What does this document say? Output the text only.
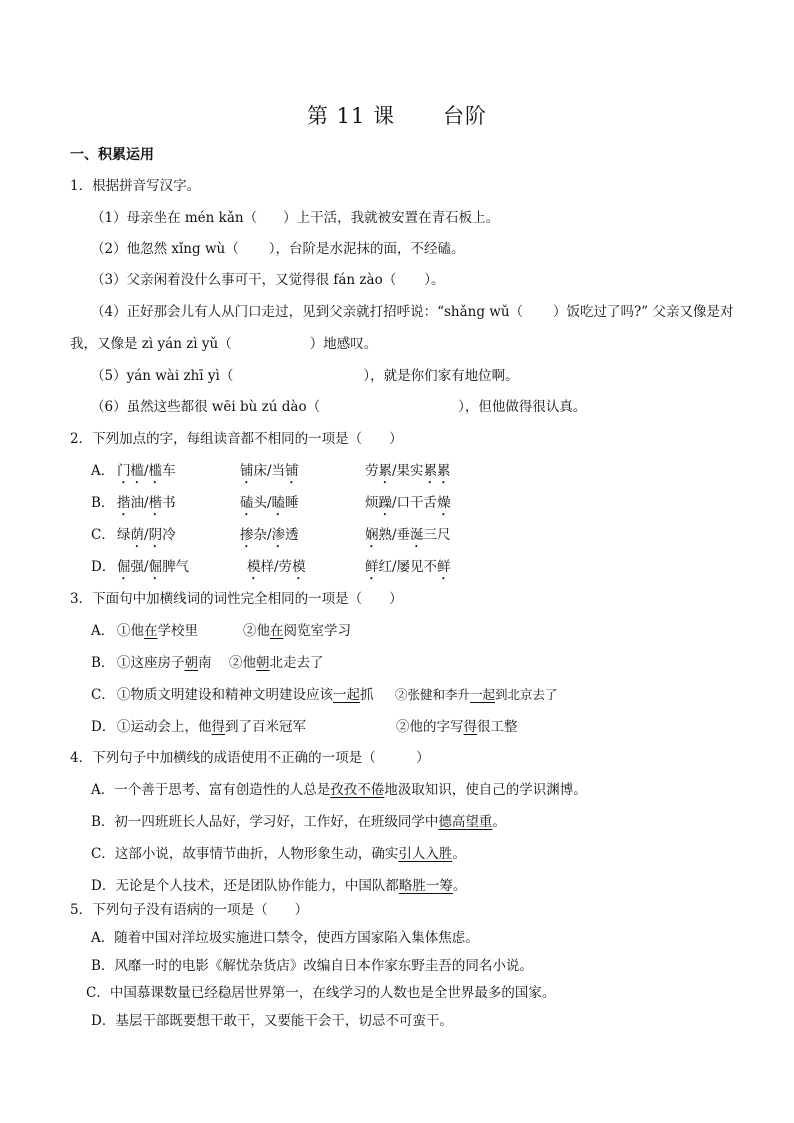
第 11 课 台阶
一、积累运用
1．根据拼音写汉字。
（1）母亲坐在 mén kǎn（ ）上干活，我就被安置在青石板上。
（2）他忽然 xǐng wù（ ），台阶是水泥抹的面，不经磕。
（3）父亲闲着没什么事可干，又觉得很 fán zào（ ）。
（4）正好那会儿有人从门口走过，见到父亲就打招呼说：“shǎng wǔ（ ）饭吃过了吗?” 父亲又像是对
我，又像是 zì yán zì yǔ（	）地感叹。
（5）yán wài zhī yì（	），就是你们家有地位啊。
（6）虽然这些都很 wēi bù zú dào（	），但他做得很认真。
2．下列加点的字，每组读音都不相同的一项是（　　）
A． 门槛/槛车	铺床/当铺	劳累/果实累累
B． 揩油/楷书	磕头/瞌睡	烦躁/口干舌燥
C． 绿荫/阴冷	掺杂/渗透	娴熟/垂涎三尺
D． 倔强/倔脾气	模样/劳模	鲜红/屡见不鲜
3．下面句中加横线词的词性完全相同的一项是（　　）
A． ①他在学校里	②他在阅览室学习
B． ①这座房子朝南 ②他朝北走去了
C． ①物质文明建设和精神文明建设应该一起抓 ②张健和李升一起到北京去了
D． ①运动会上，他得到了百米冠军	②他的字写得很工整
4．下列句子中加横线的成语使用不正确的一项是（　　　）
A．一个善于思考、富有创造性的人总是孜孜不倦地汲取知识，使自己的学识渊博。
B．初一四班班长人品好，学习好，工作好，在班级同学中德高望重。
C．这部小说，故事情节曲折，人物形象生动，确实引人入胜。
D．无论是个人技术，还是团队协作能力，中国队都略胜一筹。
5．下列句子没有语病的一项是（　　）
A．随着中国对洋垃圾实施进口禁令，使西方国家陷入集体焦虑。
B．风靡一时的电影《解忧杂货店》改编自日本作家东野圭吾的同名小说。
C．中国慕课数量已经稳居世界第一，在线学习的人数也是全世界最多的国家。
D．基层干部既要想干敢干，又要能干会干，切忌不可蛮干。
